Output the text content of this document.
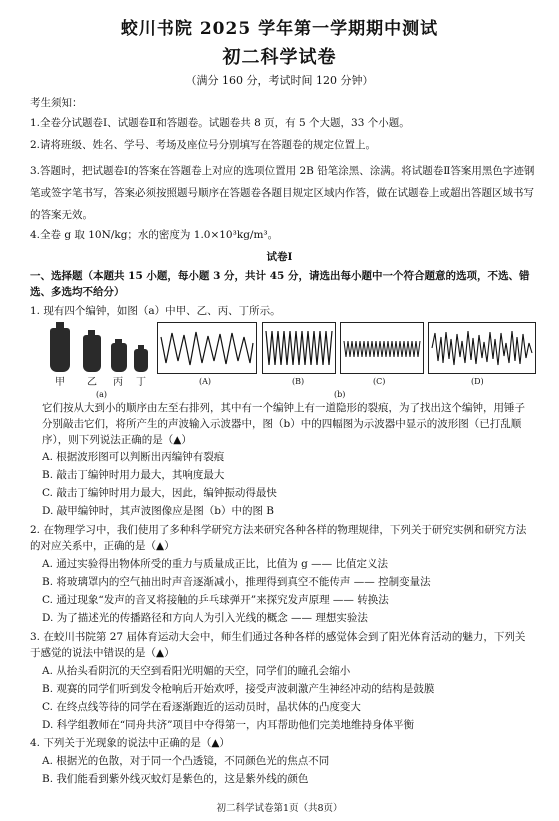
蛟川书院 2025 学年第一学期期中测试
初二科学试卷
（满分 160 分，考试时间 120 分钟）
考生须知：
1.全卷分试题卷Ⅰ、试题卷Ⅱ和答题卷。试题卷共 8 页，有 5 个大题，33 个小题。
2.请将班级、姓名、学号、考场及座位号分别填写在答题卷的规定位置上。
3.答题时，把试题卷Ⅰ的答案在答题卷上对应的选项位置用 2B 铅笔涂黑、涂满。将试题卷Ⅱ答案用黑色字迹钢笔或签字笔书写，答案必须按照题号顺序在答题卷各题目规定区域内作答，做在试题卷上或超出答题区域书写的答案无效。
4.全卷 g 取 10N/kg；水的密度为 1.0×10³kg/m³。
试卷Ⅰ
一、选择题（本题共 15 小题，每小题 3 分，共计 45 分，请选出每小题中一个符合题意的选项，不选、错选、多选均不给分）
1. 现有四个编钟，如图（a）中甲、乙、丙、丁所示。
甲 乙 丙 丁
(a)
(A)	(B)	(C)	(D)
(b)
它们按从大到小的顺序由左至右排列，其中有一个编钟上有一道隐形的裂痕，为了找出这个编钟，用锤子分别敲击它们，将所产生的声波输入示波器中，图（b）中的四幅图为示波器中显示的波形图（已打乱顺序），则下列说法正确的是（▲）
A. 根据波形图可以判断出丙编钟有裂痕
B. 敲击丁编钟时用力最大，其响度最大
C. 敲击丁编钟时用力最大，因此，编钟振动得最快
D. 敲甲编钟时，其声波图像应是图（b）中的图 B
2. 在物理学习中，我们使用了多种科学研究方法来研究各种各样的物理规律，下列关于研究实例和研究方法的对应关系中，正确的是（▲）
A. 通过实验得出物体所受的重力与质量成正比，比值为 g —— 比值定义法
B. 将玻璃罩内的空气抽出时声音逐渐减小，推理得到真空不能传声 —— 控制变量法
C. 通过现象“发声的音叉将接触的乒乓球弹开”来探究发声原理 —— 转换法
D. 为了描述光的传播路径和方向人为引入光线的概念 —— 理想实验法
3. 在蛟川书院第 27 届体育运动大会中，师生们通过各种各样的感觉体会到了阳光体育活动的魅力，下列关于感觉的说法中错误的是（▲）
A. 从抬头看阴沉的天空到看阳光明媚的天空，同学们的瞳孔会缩小
B. 观赛的同学们听到发令枪响后开始欢呼，接受声波刺激产生神经冲动的结构是鼓膜
C. 在终点线等待的同学在看逐渐跑近的运动员时，晶状体的凸度变大
D. 科学组教师在“同舟共济”项目中夺得第一，内耳帮助他们完美地维持身体平衡
4. 下列关于光现象的说法中正确的是（▲）
A. 根据光的色散，对于同一个凸透镜，不同颜色光的焦点不同
B. 我们能看到紫外线灭蚊灯是紫色的，这是紫外线的颜色
初二科学试卷第1页（共8页）
